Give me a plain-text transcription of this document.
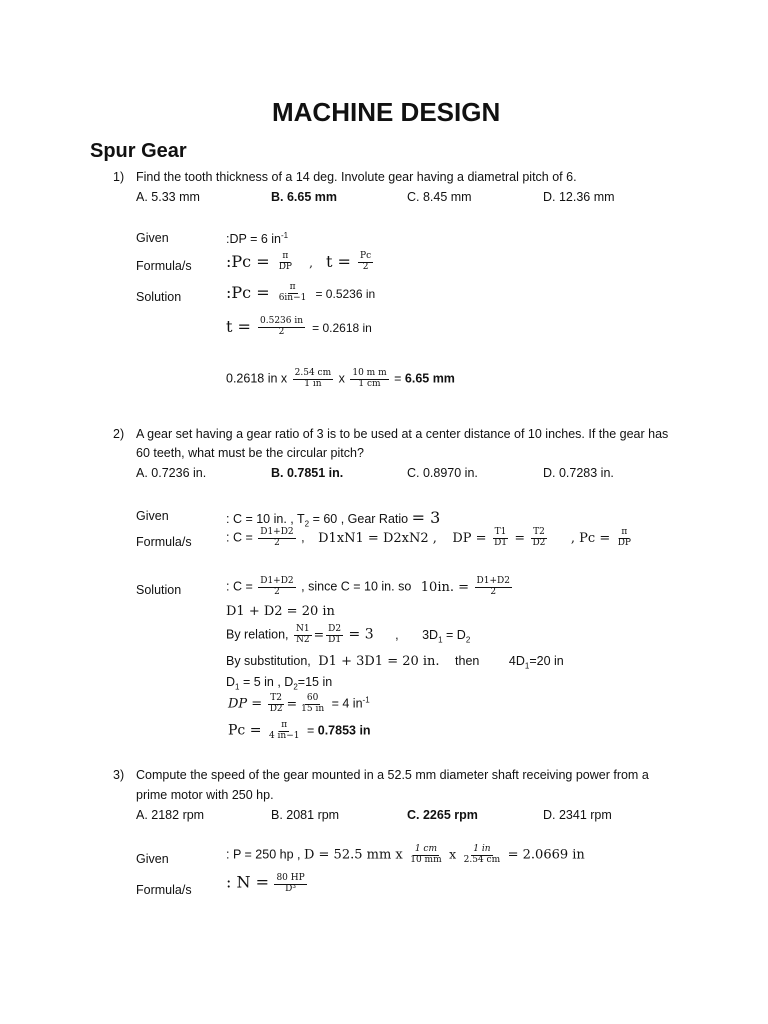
MACHINE DESIGN
Spur Gear
1) Find the tooth thickness of a 14 deg. Involute gear having a diametral pitch of 6.
A. 5.33 mm	B. 6.65 mm	C. 8.45 mm	D. 12.36 mm
Given	:DP = 6 $in^{-1}$
Formula/s :Pc = $\frac{\pi}{DP}$ , $t = \frac{Pc}{2}$
Solution	:Pc = $\frac{\pi}{6in-1} = 0.5236$ in
$t = \frac{0.5236 in}{2} = 0.2618$ in
0.2618 in x $\frac{2.54 cm}{1 in}$ x $\frac{\text{10 m m}}{1 cm} = 6.65$ mm
2) A gear set having a gear ratio of 3 is to be used at a center distance of 10 inches. If the gear has
60 teeth, what must be the circular pitch?
A. 0.7236 in.	B. 0.7851 in.	C. 0.8970 in.	D. 0.7283 in.
Given	: C = 10 in. , $T_2 = 60$ , Gear Ratio = 3
Formula/s	: $C = \frac{D1+D2}{2}$ , D1xN1 = D2xN2 , DP = $\frac{T1}{D1} = \frac{T2}{D2}$ , $Pc = \frac{\pi}{DP}$
Solution	: $C = \frac{D1+D2}{2}$ , since C = 10 in. so 10in. = $\frac{D1+D2}{2}$
D1 + D2 = 20 in
By relation, $\frac{N1}{N2} = \frac{D2}{D1} = 3$ , $3D_1 = D_2$
By substitution, D1 + 3D1 = 20 in. then $4D_1=20$ in
$D_1 = 5$ in , $D_2=15$ in
DP = $\frac{T2}{D2} = \frac{60}{15 in} = 4$ $in^{-1}$
$Pc = \frac{\pi}{4 in-1} = 0.7853$ in
3) Compute the speed of the gear mounted in a 52.5 mm diameter shaft receiving power from a
prime motor with 250 hp.
A. 2182 rpm	B. 2081 rpm	C. 2265 rpm	D. 2341 rpm
Given	: P = 250 hp , D = 52.5 mm x $\frac{1 cm}{10 mm}$ x $\frac{1 in}{2.54 cm} = 2.0669$ in
Formula/s : $N = \frac{80 HP}{\text{D³}}$
